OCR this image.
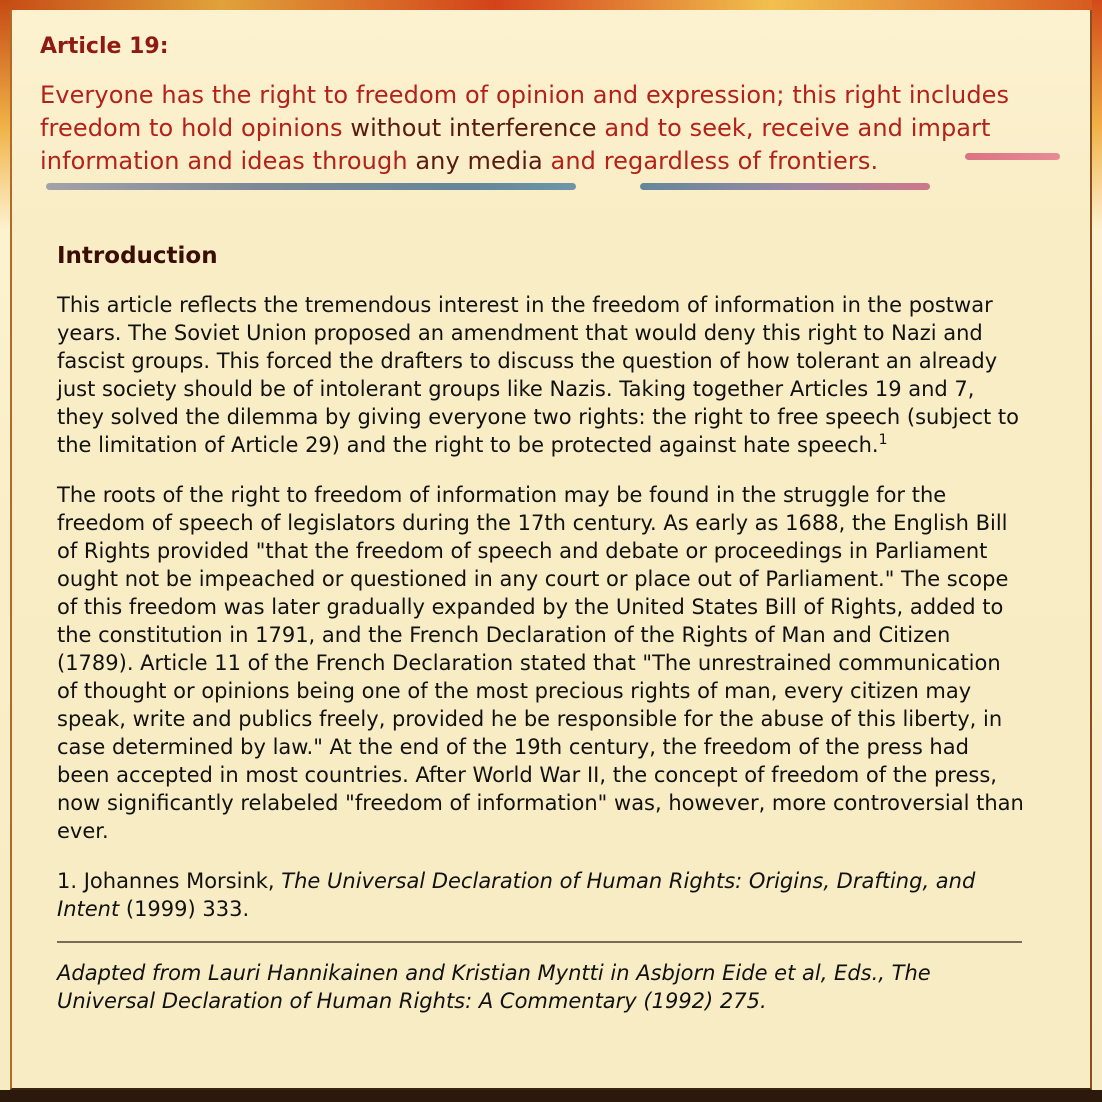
Article 19:

Everyone has the right to freedom of opinion and expression; this right includes freedom to hold opinions without interference and to seek, receive and impart information and ideas through any media and regardless of frontiers.

Introduction

This article reflects the tremendous interest in the freedom of information in the postwar years. The Soviet Union proposed an amendment that would deny this right to Nazi and fascist groups. This forced the drafters to discuss the question of how tolerant an already just society should be of intolerant groups like Nazis. Taking together Articles 19 and 7, they solved the dilemma by giving everyone two rights: the right to free speech (subject to the limitation of Article 29) and the right to be protected against hate speech.$^1$

The roots of the right to freedom of information may be found in the struggle for the freedom of speech of legislators during the 17th century. As early as 1688, the English Bill of Rights provided "that the freedom of speech and debate or proceedings in Parliament ought not be impeached or questioned in any court or place out of Parliament." The scope of this freedom was later gradually expanded by the United States Bill of Rights, added to the constitution in 1791, and the French Declaration of the Rights of Man and Citizen (1789). Article 11 of the French Declaration stated that "The unrestrained communication of thought or opinions being one of the most precious rights of man, every citizen may speak, write and publics freely, provided he be responsible for the abuse of this liberty, in case determined by law." At the end of the 19th century, the freedom of the press had been accepted in most countries. After World War II, the concept of freedom of the press, now significantly relabeled "freedom of information" was, however, more controversial than ever.

1. Johannes Morsink, The Universal Declaration of Human Rights: Origins, Drafting, and Intent (1999) 333.

Adapted from Lauri Hannikainen and Kristian Myntti in Asbjorn Eide et al, Eds., The Universal Declaration of Human Rights: A Commentary (1992) 275.
